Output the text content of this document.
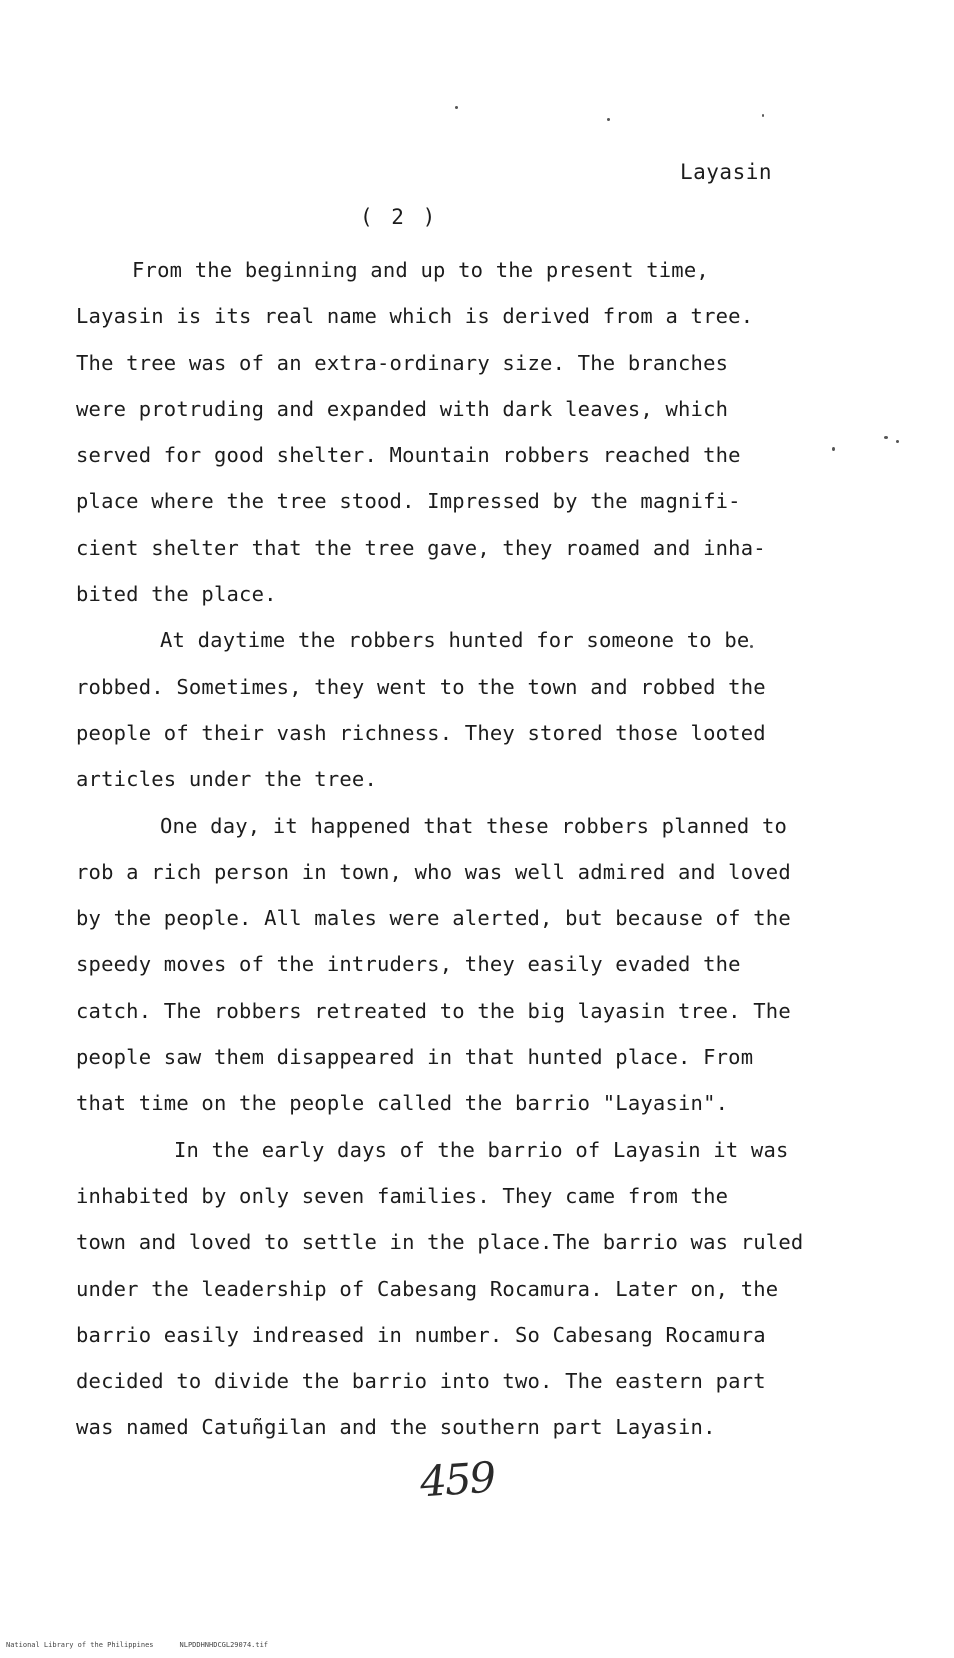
Layasin
( 2 )
From the beginning and up to the present time,
Layasin is its real name which is derived from a tree.
The tree was of an extra-ordinary size. The branches
were protruding and expanded with dark leaves, which
served for good shelter. Mountain robbers reached the
place where the tree stood. Impressed by the magnifi-
cient shelter that the tree gave, they roamed and inha-
bited the place.
At daytime the robbers hunted for someone to be
robbed. Sometimes, they went to the town and robbed the
people of their vash richness. They stored those looted
articles under the tree.
One day, it happened that these robbers planned to
rob a rich person in town, who was well admired and loved
by the people. All males were alerted, but because of the
speedy moves of the intruders, they easily evaded the
catch. The robbers retreated to the big layasin tree. The
people saw them disappeared in that hunted place. From
that time on the people called the barrio "Layasin".
In the early days of the barrio of Layasin it was
inhabited by only seven families. They came from the
town and loved to settle in the place.The barrio was ruled
under the leadership of Cabesang Rocamura. Later on, the
barrio easily indreased in number. So Cabesang Rocamura
decided to divide the barrio into two. The eastern part
was named Catuñgilan and the southern part Layasin.
459
National Library of the Philippines	NLPDDHNHDCGL29074.tif
